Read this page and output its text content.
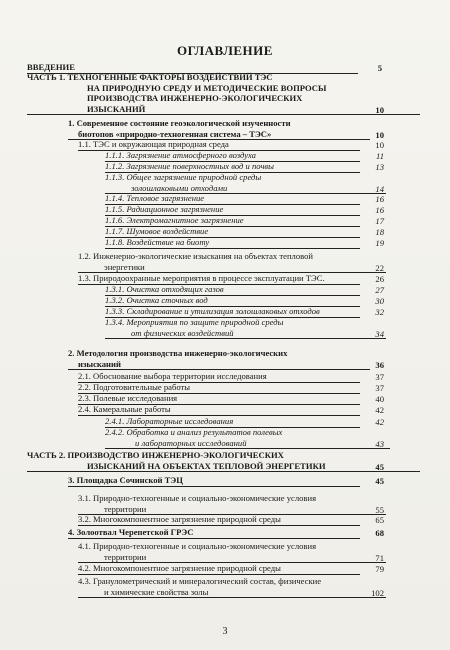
ОГЛАВЛЕНИЕ
ВВЕДЕНИЕ	5
ЧАСТЬ 1. ТЕХНОГЕННЫЕ ФАКТОРЫ ВОЗДЕЙСТВИЙ ТЭС
НА ПРИРОДНУЮ СРЕДУ И МЕТОДИЧЕСКИЕ ВОПРОСЫ
ПРОИЗВОДСТВА ИНЖЕНЕРНО-ЭКОЛОГИЧЕСКИХ
ИЗЫСКАНИЙ	10
1. Современное состояние геоэкологической изученности
биотопов «природно-техногенная система – ТЭС»	10
1.1. ТЭС и окружающая природная среда	10
1.1.1. Загрязнение атмосферного воздуха	11
1.1.2. Загрязнение поверхностных вод и почвы	13
1.1.3. Общее загрязнение природной среды
золошлаковыми отходами	14
1.1.4. Тепловое загрязнение	16
1.1.5. Радиационное загрязнение	16
1.1.6. Электромагнитное загрязнение	17
1.1.7. Шумовое воздействие	18
1.1.8. Воздействие на биоту	19
1.2. Инженерно-экологические изыскания на объектах тепловой
энергетики	22
1.3. Природоохранные мероприятия в процессе эксплуатации ТЭС.	26
1.3.1. Очистка отходящих газов	27
1.3.2. Очистка сточных вод	30
1.3.3. Складирование и утилизация золошлаковых отходов	32
1.3.4. Мероприятия по защите природной среды
от физических воздействий	34
2. Методология производства инженерно-экологических
изысканий	36
2.1. Обоснование выбора территории исследования	37
2.2. Подготовительные работы	37
2.3. Полевые исследования	40
2.4. Камеральные работы	42
2.4.1. Лабораторные исследования	42
2.4.2. Обработка и анализ результатов полевых
и лабораторных исследований	43
ЧАСТЬ 2. ПРОИЗВОДСТВО ИНЖЕНЕРНО-ЭКОЛОГИЧЕСКИХ
ИЗЫСКАНИЙ НА ОБЪЕКТАХ ТЕПЛОВОЙ ЭНЕРГЕТИКИ	45
3. Площадка Сочинской ТЭЦ	45
3.1. Природно-техногенные и социально-экономические условия
территории	55
3.2. Многокомпонентное загрязнение природной среды	65
4. Золоотвал Черепетской ГРЭС	68
4.1. Природно-техногенные и социально-экономические условия
территории	71
4.2. Многокомпонентное загрязнение природной среды	79
4.3. Гранулометрический и минералогический состав, физические
и химические свойства золы	102
3
